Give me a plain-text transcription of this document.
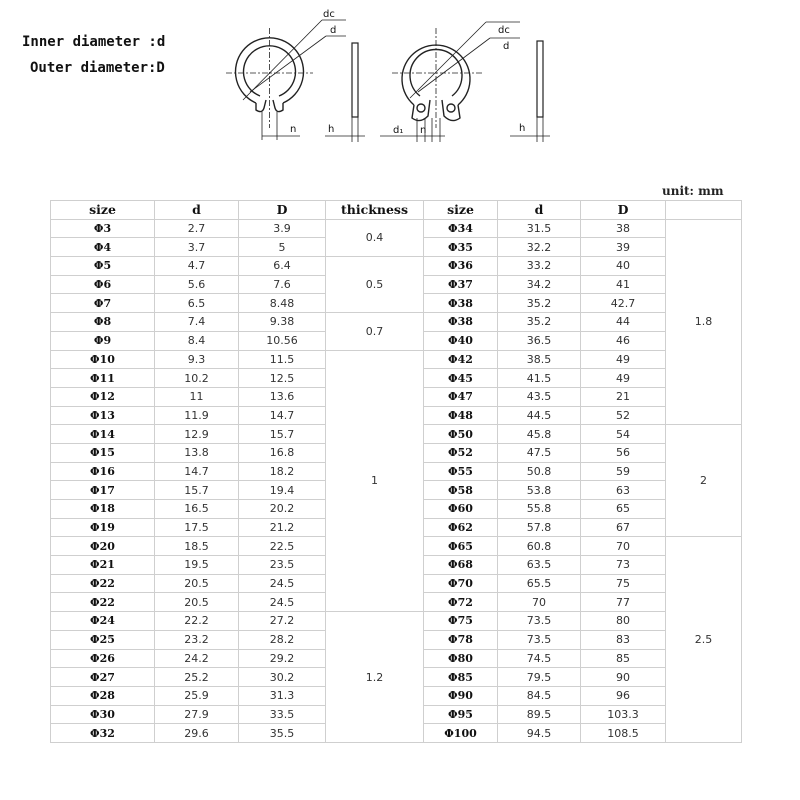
Inner diameter :d
Outer diameter:D
dc
d
n	h
dc
d
d₁ n	h
unit: mm
size	d	D	thickness	size	d	D	
Φ3	2.7	3.9	0.4	Φ34	31.5	38	1.8
Φ4	3.7	5		Φ35	32.2	39	
Φ5	4.7	6.4	0.5	Φ36	33.2	40	
Φ6	5.6	7.6		Φ37	34.2	41	
Φ7	6.5	8.48		Φ38	35.2	42.7	
Φ8	7.4	9.38	0.7	Φ38	35.2	44	
Φ9	8.4	10.56		Φ40	36.5	46	
Φ10	9.3	11.5	1	Φ42	38.5	49	
Φ11	10.2	12.5		Φ45	41.5	49	
Φ12	11	13.6		Φ47	43.5	21	
Φ13	11.9	14.7		Φ48	44.5	52	
Φ14	12.9	15.7		Φ50	45.8	54	2
Φ15	13.8	16.8		Φ52	47.5	56	
Φ16	14.7	18.2		Φ55	50.8	59	
Φ17	15.7	19.4		Φ58	53.8	63	
Φ18	16.5	20.2		Φ60	55.8	65	
Φ19	17.5	21.2		Φ62	57.8	67	
Φ20	18.5	22.5		Φ65	60.8	70	2.5
Φ21	19.5	23.5		Φ68	63.5	73	
Φ22	20.5	24.5		Φ70	65.5	75	
Φ22	20.5	24.5		Φ72	70	77	
Φ24	22.2	27.2	1.2	Φ75	73.5	80	
Φ25	23.2	28.2		Φ78	73.5	83	
Φ26	24.2	29.2		Φ80	74.5	85	
Φ27	25.2	30.2		Φ85	79.5	90	
Φ28	25.9	31.3		Φ90	84.5	96	
Φ30	27.9	33.5		Φ95	89.5	103.3	
Φ32	29.6	35.5		Φ100	94.5	108.5	
